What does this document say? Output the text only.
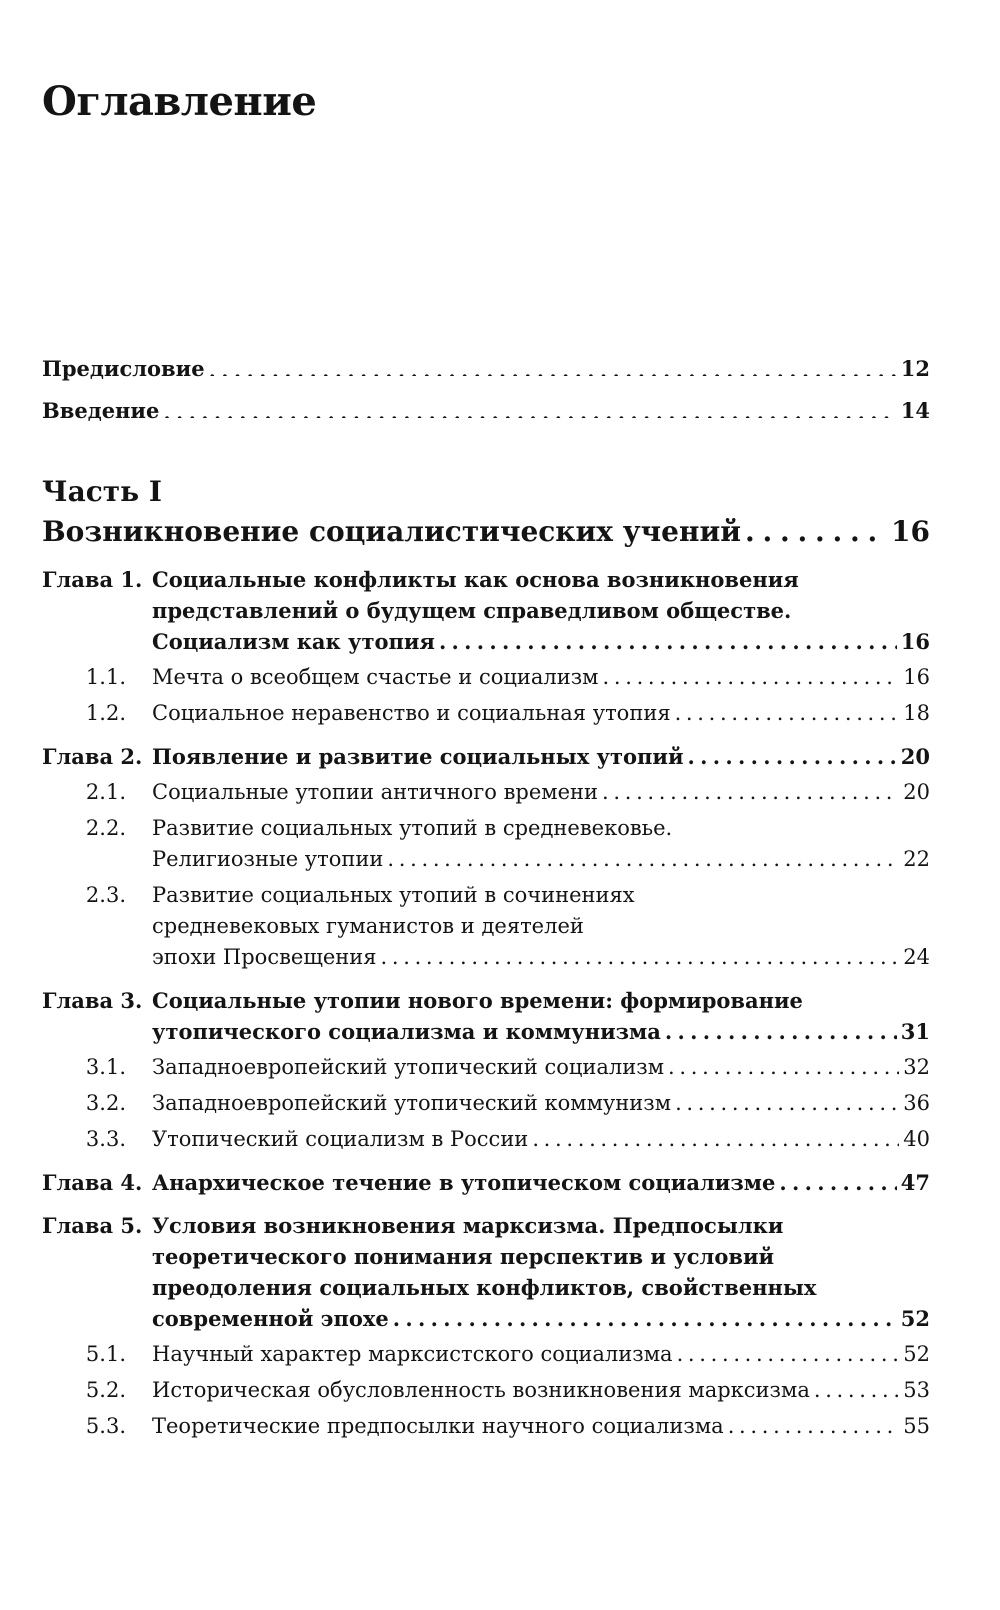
Оглавление
Предисловие . . .	12
Введение . . .	14
Часть I
Возникновение социалистических учений . . .	16
Глава 1. Социальные конфликты как основа возникновения
представлений о будущем справедливом обществе.
Социализм как утопия . . .	16
1.1.	Мечта о всеобщем счастье и социализм . . .	16
1.2.	Социальное неравенство и социальная утопия . . .	18
Глава 2. Появление и развитие социальных утопий . . .	20
2.1.	Социальные утопии античного времени . . .	20
2.2.	Развитие социальных утопий в средневековье.
Религиозные утопии . . .	22
2.3.	Развитие социальных утопий в сочинениях
средневековых гуманистов и деятелей
эпохи Просвещения . . .	24
Глава 3. Социальные утопии нового времени: формирование
утопического социализма и коммунизма . . .	31
3.1.	Западноевропейский утопический социализм . . .	32
3.2.	Западноевропейский утопический коммунизм . . .	36
3.3.	Утопический социализм в России . . .	40
Глава 4. Анархическое течение в утопическом социализме . . .	47
Глава 5. Условия возникновения марксизма. Предпосылки
теоретического понимания перспектив и условий
преодоления социальных конфликтов, свойственных
современной эпохе . . .	52
5.1.	Научный характер марксистского социализма . . .	52
5.2.	Историческая обусловленность возникновения марксизма . . .	53
5.3.	Теоретические предпосылки научного социализма . . .	55
